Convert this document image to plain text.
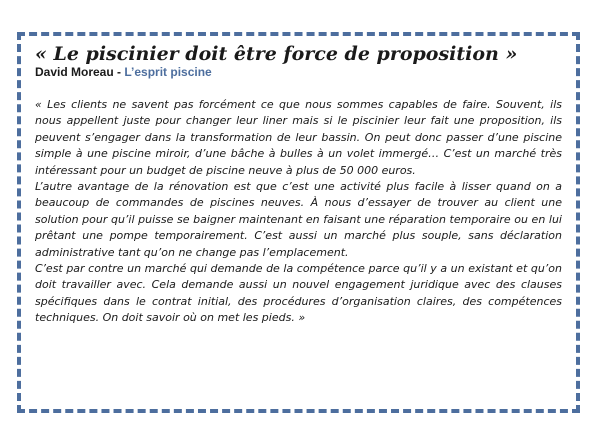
« Le piscinier doit être force de proposition »
David Moreau - L’esprit piscine

« Les clients ne savent pas forcément ce que nous sommes capables de faire. Souvent, ils nous appellent juste pour changer leur liner mais si le piscinier leur fait une proposition, ils peuvent s’engager dans la transformation de leur bassin. On peut donc passer d’une piscine simple à une piscine miroir, d’une bâche à bulles à un volet immergé… C’est un marché très intéressant pour un budget de piscine neuve à plus de 50 000 euros.

L’autre avantage de la rénovation est que c’est une activité plus facile à lisser quand on a beaucoup de commandes de piscines neuves. À nous d’essayer de trouver au client une solution pour qu’il puisse se baigner maintenant en faisant une réparation temporaire ou en lui prêtant une pompe temporairement. C’est aussi un marché plus souple, sans déclaration administrative tant qu’on ne change pas l’emplacement.

C’est par contre un marché qui demande de la compétence parce qu’il y a un existant et qu’on doit travailler avec. Cela demande aussi un nouvel engagement juridique avec des clauses spécifiques dans le contrat initial, des procédures d’organisation claires, des compétences techniques. On doit savoir où on met les pieds. »
